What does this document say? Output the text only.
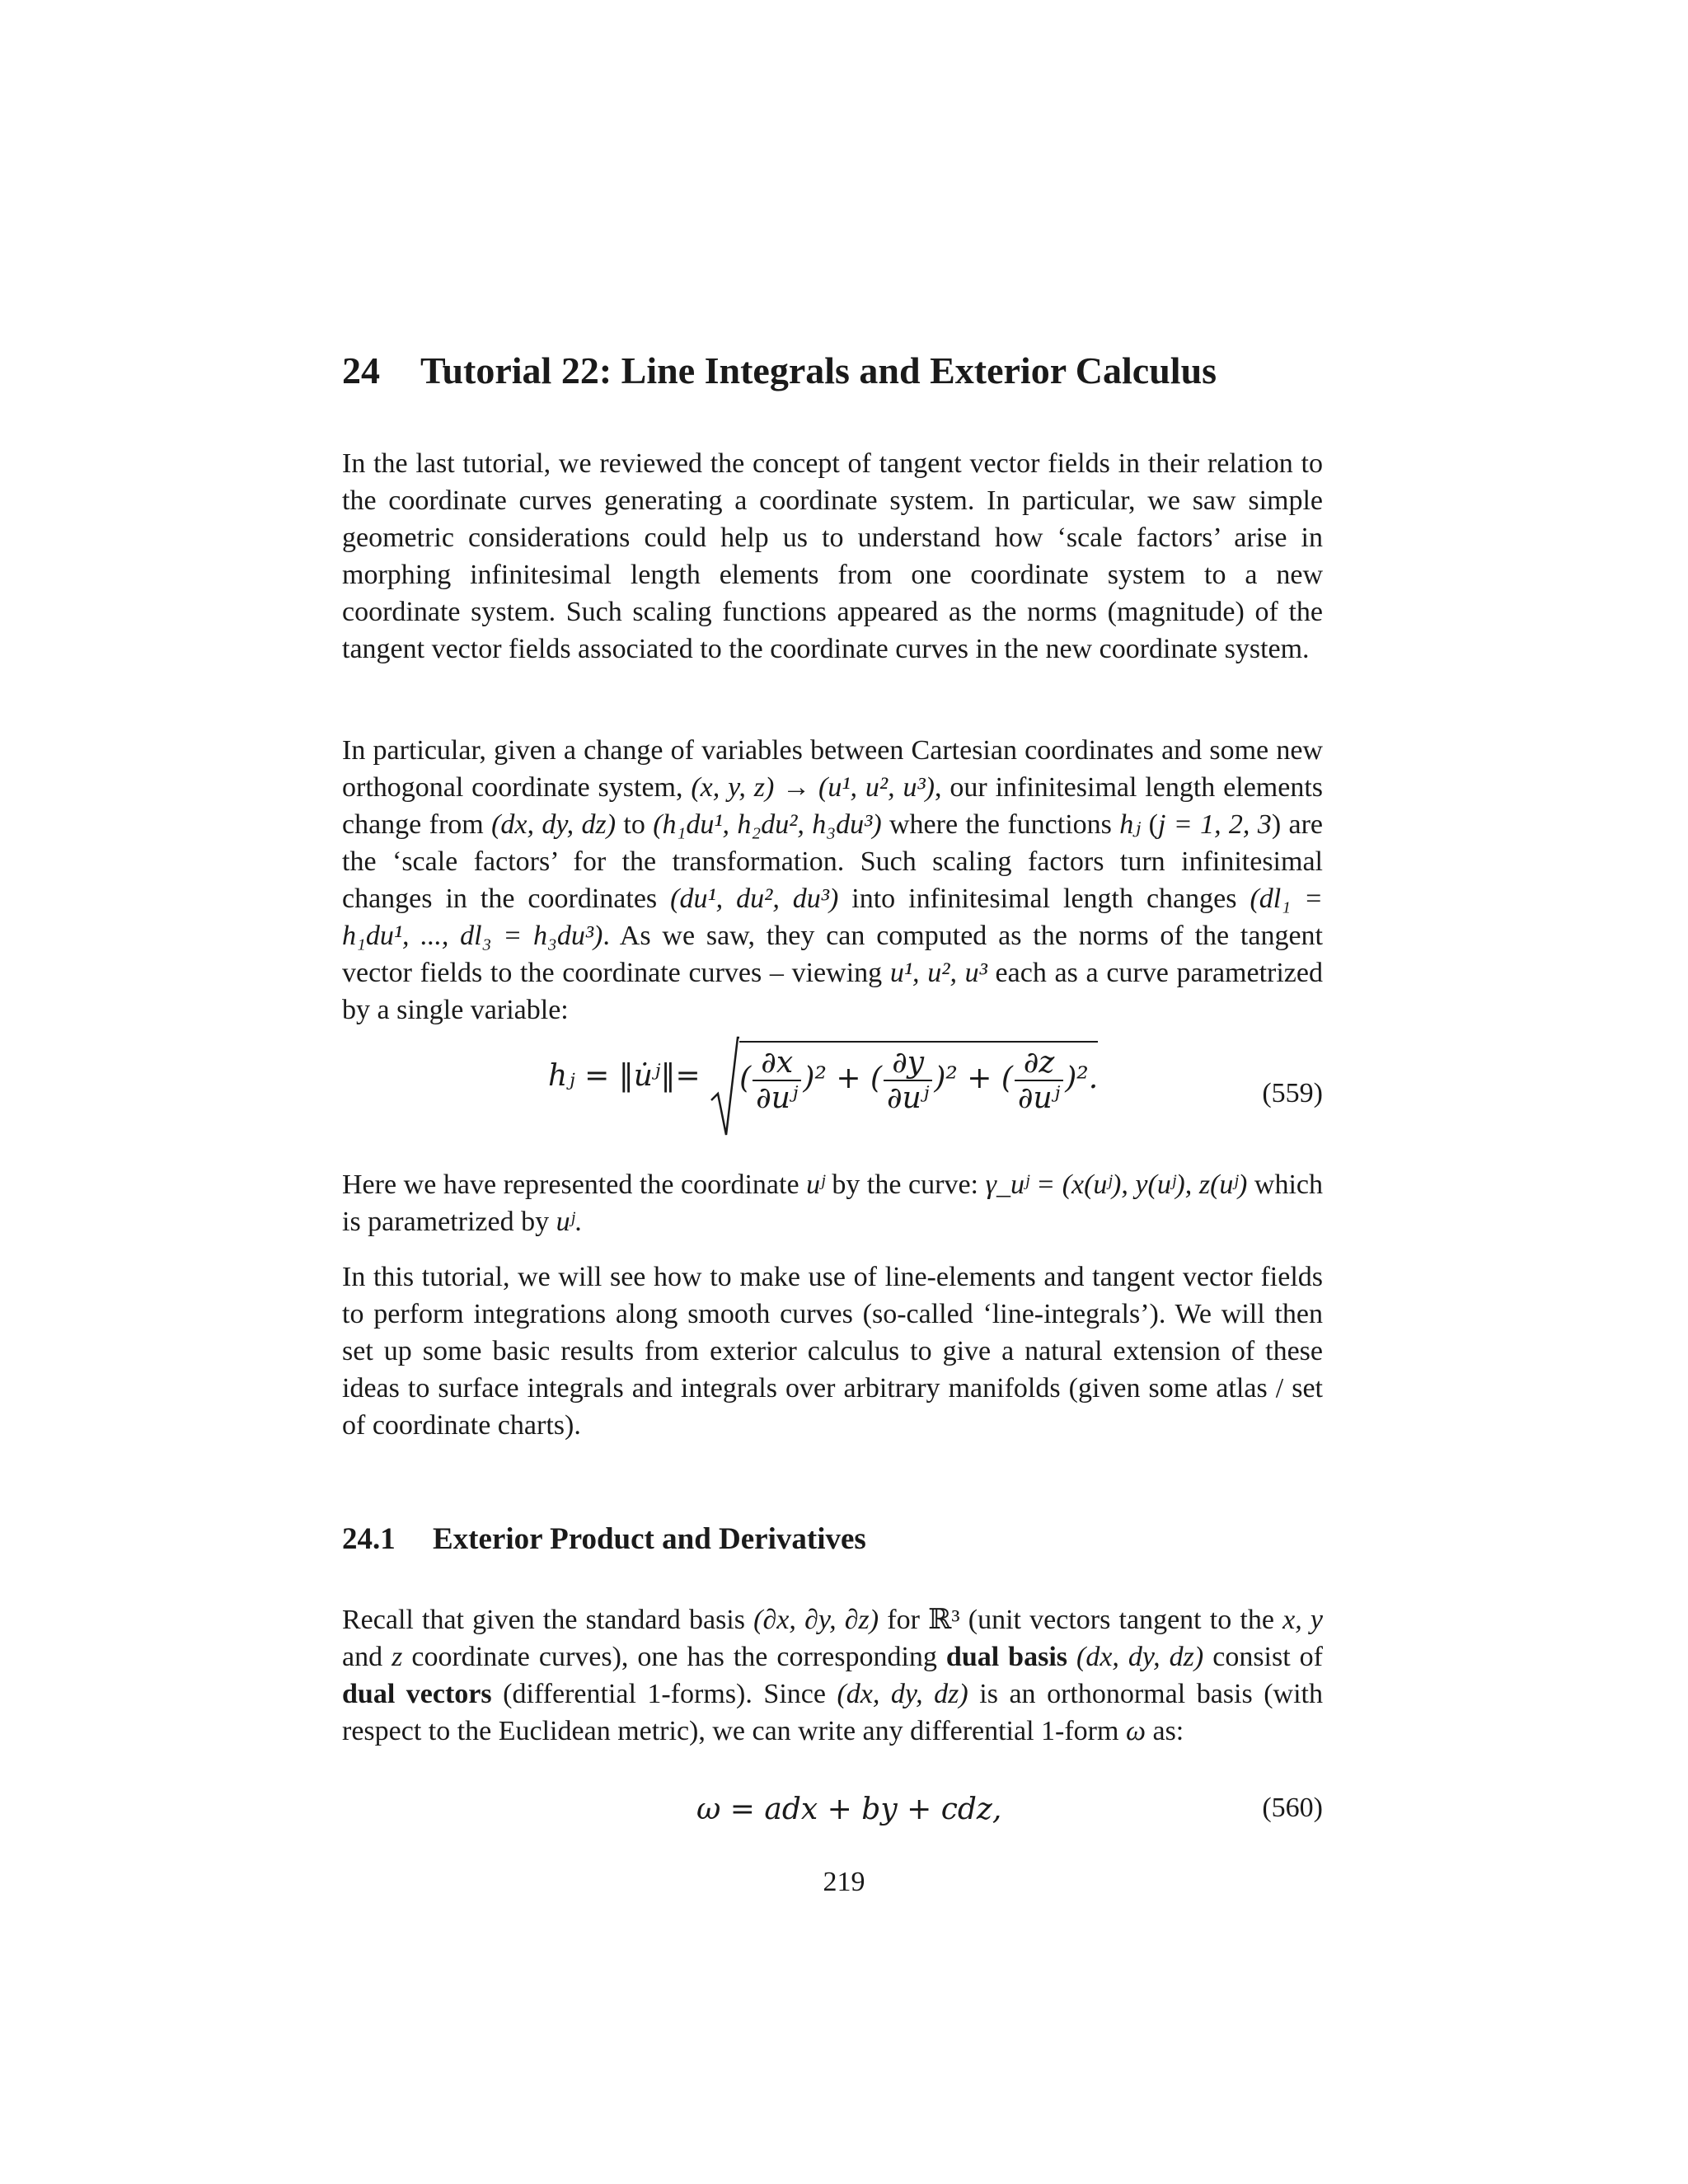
24 Tutorial 22: Line Integrals and Exterior Calculus

In the last tutorial, we reviewed the concept of tangent vector fields in their relation to the coordinate curves generating a coordinate system. In particular, we saw simple geometric considerations could help us to understand how ‘scale factors’ arise in morphing infinitesimal length elements from one coordinate system to a new coordinate system. Such scaling functions appeared as the norms (magnitude) of the tangent vector fields associated to the coordinate curves in the new coordinate system.

In particular, given a change of variables between Cartesian coordinates and some new orthogonal coordinate system, (x, y, z) → (u¹, u², u³), our infinitesimal length elements change from (dx, dy, dz) to (h₁du¹, h₂du², h₃du³) where the functions hⱼ (j = 1, 2, 3) are the ‘scale factors’ for the transformation. Such scaling factors turn infinitesimal changes in the coordinates (du¹, du², du³) into infinitesimal length changes (dl₁ = h₁du¹, ..., dl₃ = h₃du³). As we saw, they can computed as the norms of the tangent vector fields to the coordinate curves – viewing u¹, u², u³ each as a curve parametrized by a single variable:

hⱼ = ‖u̇ʲ‖= ( $\frac{\partial x}{\text{∂uʲ}} )^2$ + ( $\frac{\partial y}{\text{∂uʲ}} )^2$ + ( $\frac{\partial z}{\text{∂uʲ}} )^2$.	(559)

Here we have represented the coordinate uʲ by the curve: γ_uʲ = (x(uʲ), y(uʲ), z(uʲ) which is parametrized by uʲ.

In this tutorial, we will see how to make use of line-elements and tangent vector fields to perform integrations along smooth curves (so-called ‘line-integrals’). We will then set up some basic results from exterior calculus to give a natural extension of these ideas to surface integrals and integrals over arbitrary manifolds (given some atlas / set of coordinate charts).

24.1 Exterior Product and Derivatives

Recall that given the standard basis (∂x, ∂y, ∂z) for ℝ³ (unit vectors tangent to the x, y and z coordinate curves), one has the corresponding dual basis (dx, dy, dz) consist of dual vectors (differential 1-forms). Since (dx, dy, dz) is an orthonormal basis (with respect to the Euclidean metric), we can write any differential 1-form ω as:

ω = adx + by + cdz,	(560)
219
